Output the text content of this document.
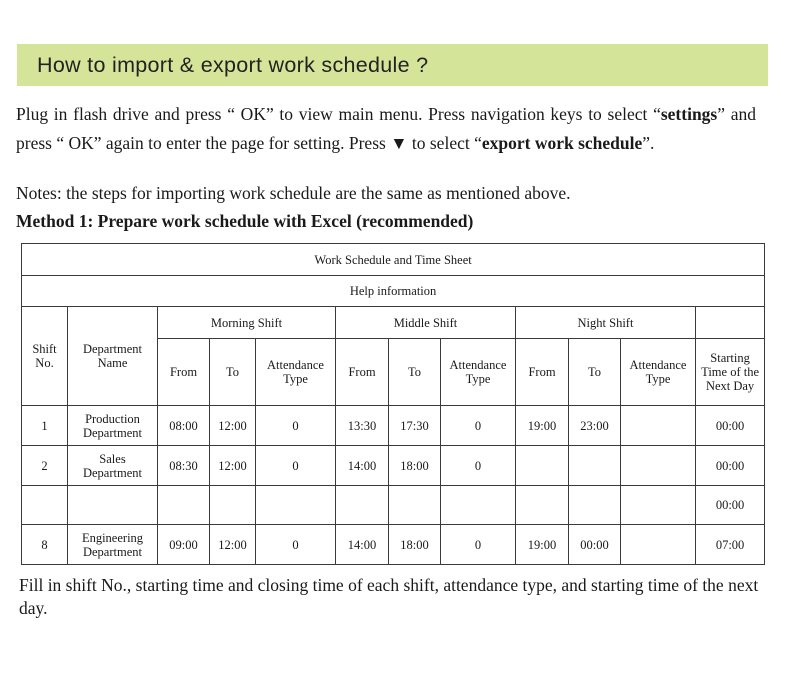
How to import & export work schedule ?

Plug in flash drive and press “ OK” to view main menu. Press navigation keys to select “settings” and press “ OK” again to enter the page for setting. Press ▼ to select “export work schedule”.

Notes: the steps for importing work schedule are the same as mentioned above.

Method 1: Prepare work schedule with Excel (recommended)

Work Schedule and Time Sheet											
Help information											
Shift No.	Department Name	Morning Shift			Middle Shift			Night Shift			
		From	To	Attendance Type	From	To	Attendance Type	From	To	Attendance Type	Starting Time of the Next Day
1	Production Department	08:00	12:00	0	13:30	17:30	0	19:00	23:00		00:00
2	Sales Department	08:30	12:00	0	14:00	18:00	0				00:00
											00:00
8	Engineering Department	09:00	12:00	0	14:00	18:00	0	19:00	00:00		07:00

Fill in shift No., starting time and closing time of each shift, attendance type, and starting time of the next day.
